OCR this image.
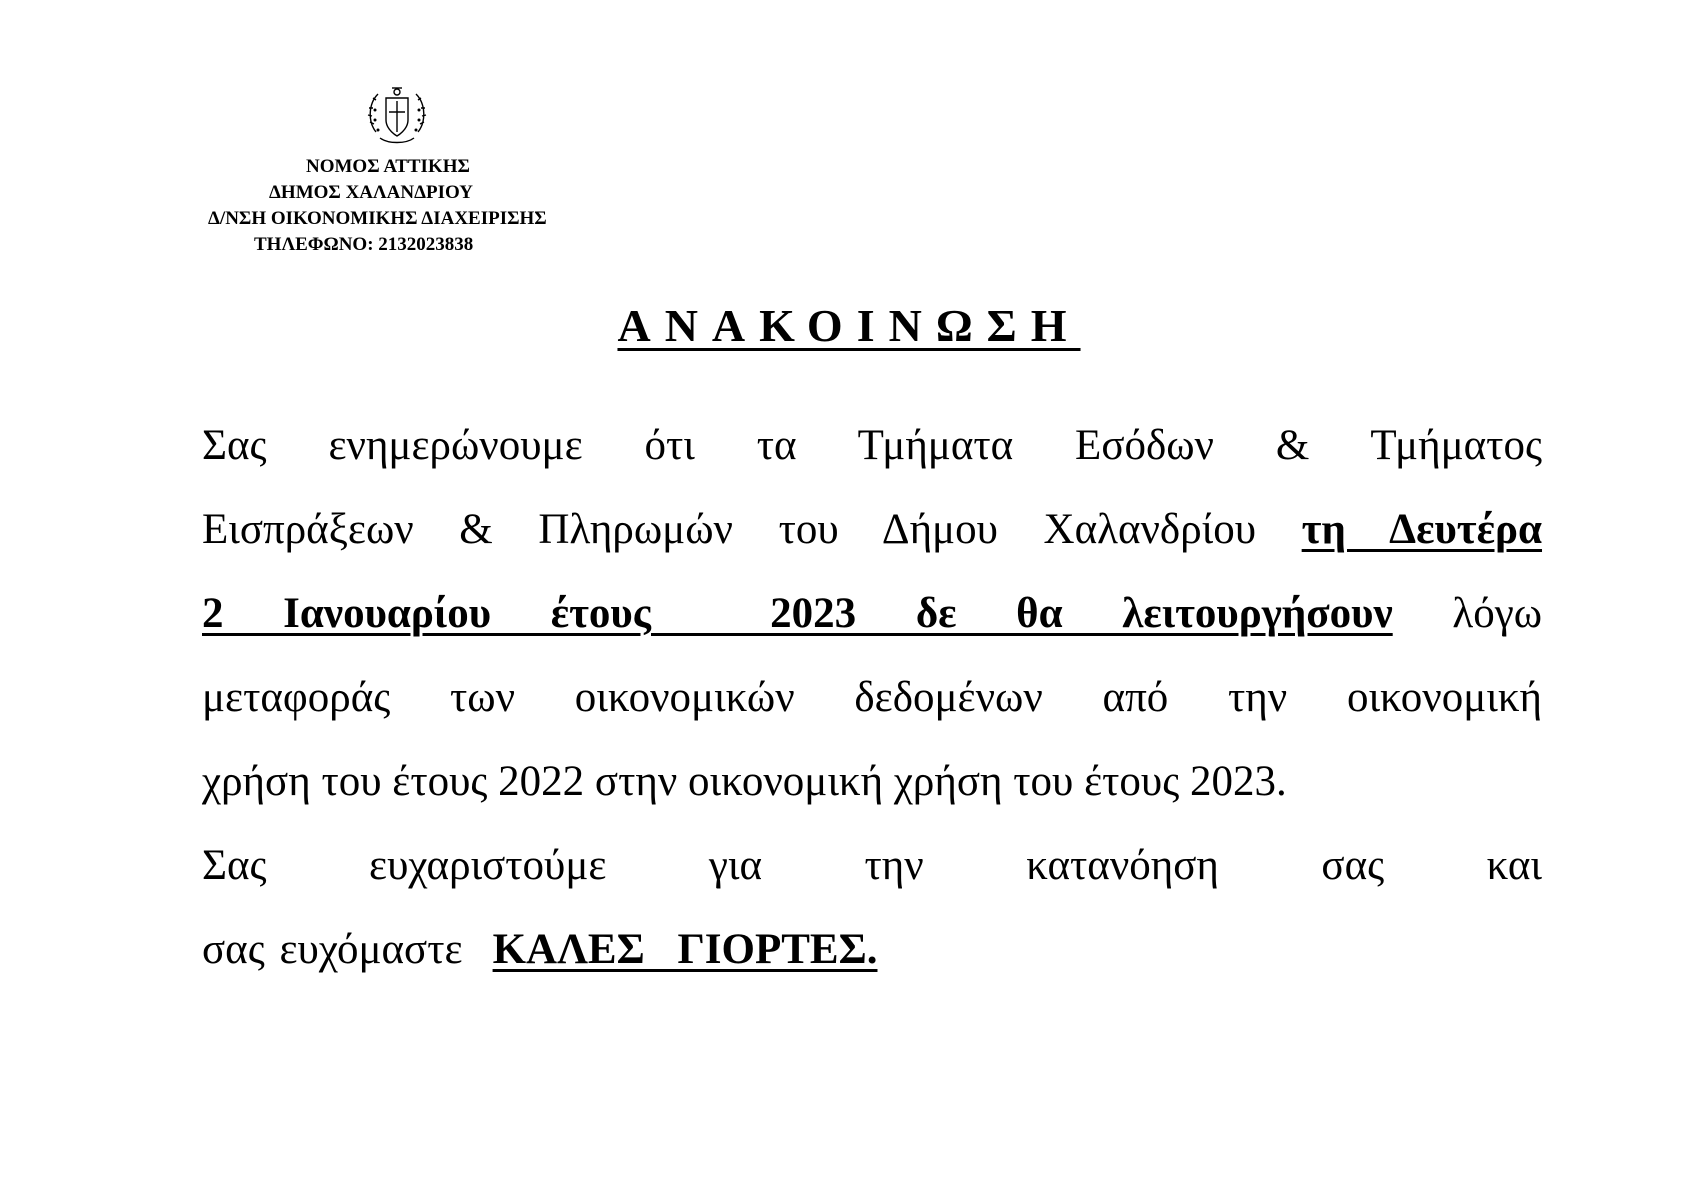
ΝΟΜΟΣ ΑΤΤΙΚΗΣ
ΔΗΜΟΣ ΧΑΛΑΝΔΡΙΟΥ
Δ/ΝΣΗ ΟΙΚΟΝΟΜΙΚΗΣ ΔΙΑΧΕΙΡΙΣΗΣ
ΤΗΛΕΦΩΝΟ: 2132023838
ΑΝΑΚΟΙΝΩΣΗ
Σας ενημερώνουμε ότι τα Τμήματα Εσόδων & Τμήματος
Εισπράξεων & Πληρωμών του Δήμου Χαλανδρίου τη Δευτέρα
2 Ιανουαρίου έτους  2023 δε θα λειτουργήσουν λόγω
μεταφοράς των οικονομικών δεδομένων από την οικονομική
χρήση του έτους 2022 στην οικονομική χρήση του έτους 2023.
Σας ευχαριστούμε για την κατανόηση σας και
σας ευχόμαστε ΚΑΛΕΣ ΓΙΟΡΤΕΣ.
